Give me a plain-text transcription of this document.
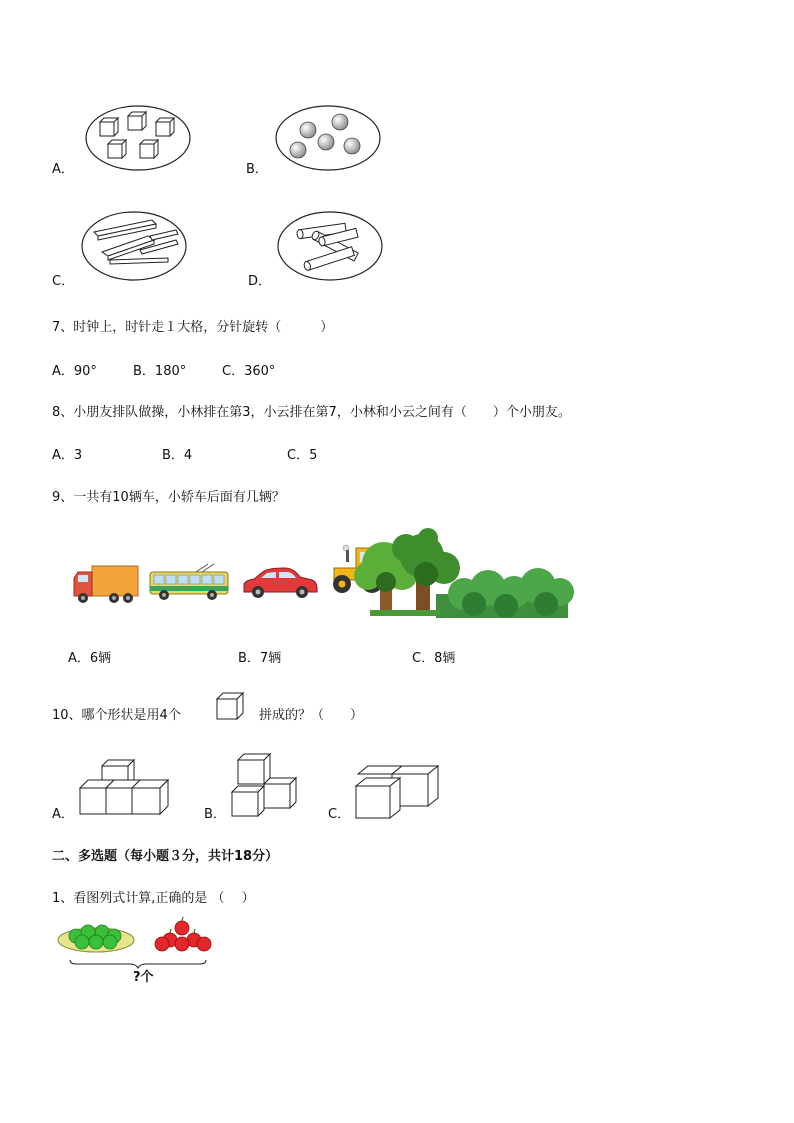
A．	B．
C．	D．
7、时钟上，时针走１大格，分针旋转（　　　）
A．90°	B．180°	C．360°
8、小朋友排队做操，小林排在第3，小云排在第7，小林和小云之间有（　　）个小朋友。
A．3	B．4	C．5
9、一共有10辆车，小轿车后面有几辆？
A．6辆	B．7辆	C．8辆
10、哪个形状是用4个	拼成的？（　　）
A．	B．	C．
二、多选题（每小题３分，共计18分）
1、看图列式计算,正确的是 （　 ）
?个
